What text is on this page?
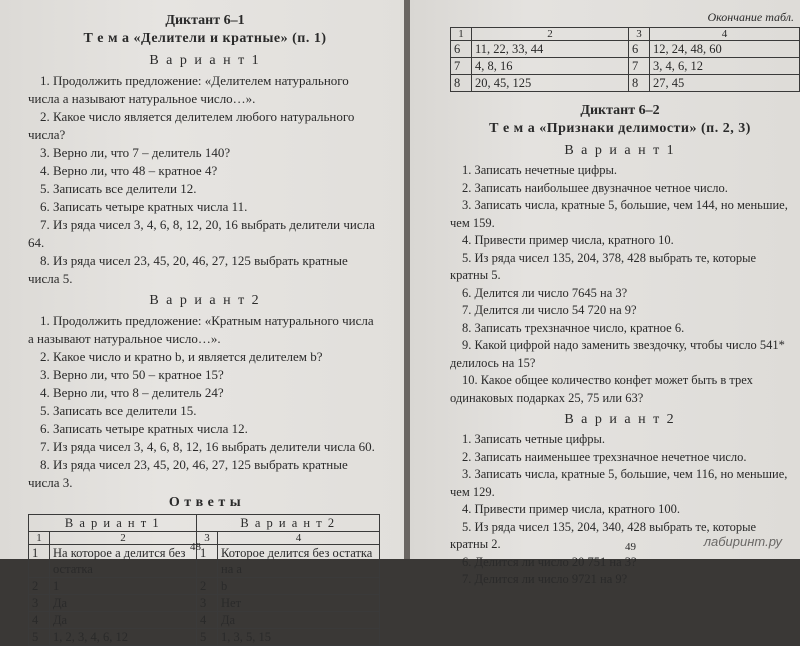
Диктант 6–1
Т е м а «Делители и кратные» (п. 1)
В а р и а н т 1

1. Продолжить предложение: «Делителем натурального числа a называют натуральное число…».

2. Какое число является делителем любого натурального числа?

3. Верно ли, что 7 – делитель 140?

4. Верно ли, что 48 – кратное 4?

5. Записать все делители 12.

6. Записать четыре кратных числа 11.

7. Из ряда чисел 3, 4, 6, 8, 12, 20, 16 выбрать делители числа 64.

8. Из ряда чисел 23, 45, 20, 46, 27, 125 выбрать кратные числа 5.

В а р и а н т 2

1. Продолжить предложение: «Кратным натурального числа a называют натуральное число…».

2. Какое число и кратно b, и является делителем b?

3. Верно ли, что 50 – кратное 15?

4. Верно ли, что 8 – делитель 24?

5. Записать все делители 15.

6. Записать четыре кратных числа 12.

7. Из ряда чисел 3, 4, 6, 8, 12, 16 выбрать делители числа 60.

8. Из ряда чисел 23, 45, 20, 46, 27, 125 выбрать кратные числа 3.

О т в е т ы
В а р и а н т 1		В а р и а н т 2	
1	2	3	4
1	На которое a делится без остатка	1	Которое делится без остатка на a
2	1	2	b
3	Да	3	Нет
4	Да	4	Да
5	1, 2, 3, 4, 6, 12	5	1, 3, 5, 15
48
Окончание табл.
1	2	3	4
6	11, 22, 33, 44	6	12, 24, 48, 60
7	4, 8, 16	7	3, 4, 6, 12
8	20, 45, 125	8	27, 45
Диктант 6–2
Т е м а «Признаки делимости» (п. 2, 3)
В а р и а н т 1

1. Записать нечетные цифры.

2. Записать наибольшее двузначное четное число.

3. Записать числа, кратные 5, большие, чем 144, но меньшие, чем 159.

4. Привести пример числа, кратного 10.

5. Из ряда чисел 135, 204, 378, 428 выбрать те, которые кратны 5.

6. Делится ли число 7645 на 3?

7. Делится ли число 54 720 на 9?

8. Записать трехзначное число, кратное 6.

9. Какой цифрой надо заменить звездочку, чтобы число 541* делилось на 15?

10. Какое общее количество конфет может быть в трех одинаковых подарках 25, 75 или 63?

В а р и а н т 2

1. Записать четные цифры.

2. Записать наименьшее трехзначное нечетное число.

3. Записать числа, кратные 5, большие, чем 116, но меньшие, чем 129.

4. Привести пример числа, кратного 100.

5. Из ряда чисел 135, 204, 340, 428 выбрать те, которые кратны 2.

6. Делится ли число 20 751 на 3?

7. Делится ли число 9721 на 9?

49	лабиринт.ру
